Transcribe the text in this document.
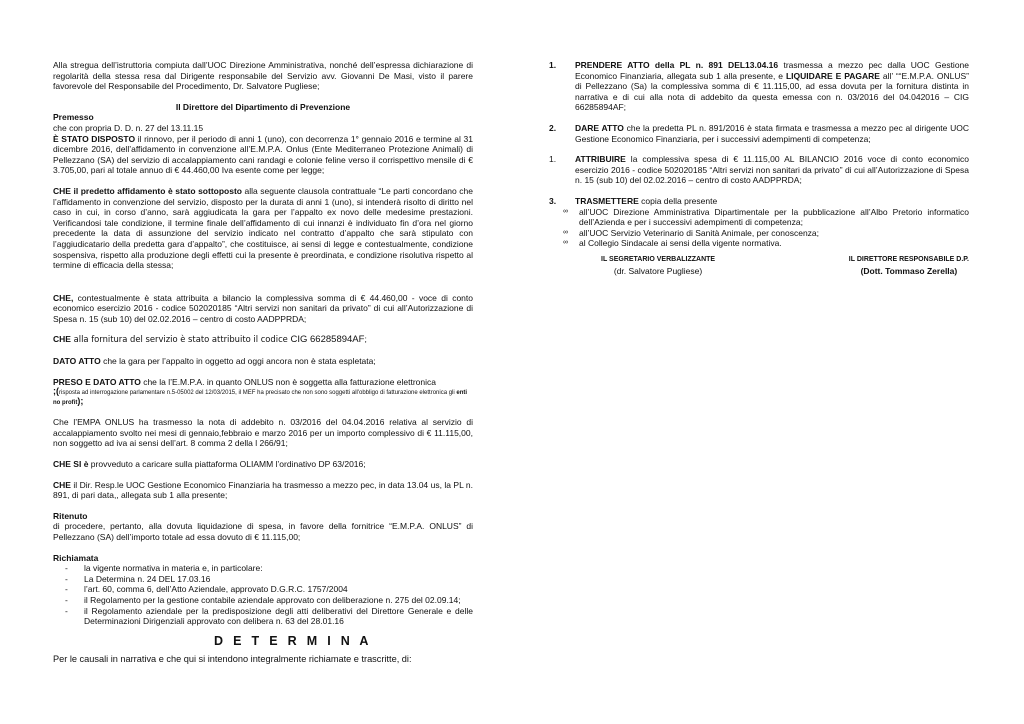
Alla stregua dell’istruttoria compiuta dall’UOC Direzione Amministrativa, nonché dell’espressa dichiarazione di regolarità della stessa resa dal Dirigente responsabile del Servizio avv. Giovanni De Masi, visto il parere favorevole del Responsabile del Procedimento, Dr. Salvatore Pugliese;

Il Direttore del Dipartimento di Prevenzione

Premesso

che con propria D. D. n. 27 del 13.11.15

È STATO DISPOSTO il rinnovo, per il periodo di anni 1 (uno), con decorrenza 1° gennaio 2016 e termine al 31 dicembre 2016, dell’affidamento in convenzione all’E.M.P.A. Onlus (Ente Mediterraneo Protezione Animali) di Pellezzano (SA) del servizio di accalappiamento cani randagi e colonie feline verso il corrispettivo mensile di € 3.705,00, pari al totale annuo di € 44.460,00 Iva esente come per legge;

CHE il predetto affidamento è stato sottoposto alla seguente clausola contrattuale “Le parti concordano che l’affidamento in convenzione del servizio, disposto per la durata di anni 1 (uno), si intenderà risolto di diritto nel caso in cui, in corso d’anno, sarà aggiudicata la gara per l’appalto ex novo delle medesime prestazioni. Verificandosi tale condizione, il termine finale dell’affidamento di cui innanzi è individuato fin d’ora nel giorno precedente la data di assunzione del servizio indicato nel contratto d’appalto che sarà stipulato con l’aggiudicatario della predetta gara d’appalto”, che costituisce, ai sensi di legge e contestualmente, condizione sospensiva, rispetto alla produzione degli effetti cui la presente è preordinata, e condizione risolutiva rispetto al termine di efficacia della stessa;

CHE, contestualmente è stata attribuita a bilancio la complessiva somma di € 44.460,00 - voce di conto economico esercizio 2016 - codice 502020185 “Altri servizi non sanitari da privato” di cui all’Autorizzazione di Spesa n. 15 (sub 10) del 02.02.2016 – centro di costo AADPPRDA;

CHE alla fornitura del servizio è stato attribuito il codice CIG 66285894AF;

DATO ATTO che la gara per l’appalto in oggetto ad oggi ancora non è stata espletata;

PRESO E DATO ATTO che la l’E.M.P.A. in quanto ONLUS non è soggetta alla fatturazione elettronica

;(risposta ad interrogazione parlamentare n.5-05002 del 12/03/2015, il MEF ha precisato che non sono soggetti all'obbligo di fatturazione elettronica gli enti no profit);

Che l’EMPA ONLUS ha trasmesso la nota di addebito n. 03/2016 del 04.04.2016 relativa al servizio di accalappiamento svolto nei mesi di gennaio,febbraio e marzo 2016 per un importo complessivo di € 11.115,00, non soggetto ad iva ai sensi dell’art. 8 comma 2 della l 266/91;

CHE SI è provveduto a caricare sulla piattaforma OLIAMM l’ordinativo DP 63/2016;

CHE il Dir. Resp.le UOC Gestione Economico Finanziaria ha trasmesso a mezzo pec, in data 13.04 us, la PL n. 891, di pari data,, allegata sub 1 alla presente;

Ritenuto

di procedere, pertanto, alla dovuta liquidazione di spesa, in favore della fornitrice “E.M.P.A. ONLUS” di Pellezzano (SA) dell’importo totale ad essa dovuto di € 11.115,00;

Richiamata

- la vigente normativa in materia e, in particolare:
- La Determina n. 24 DEL 17.03.16
- l’art. 60, comma 6, dell’Atto Aziendale, approvato D.G.R.C. 1757/2004
- il Regolamento per la gestione contabile aziendale approvato con deliberazione n. 275 del 02.09.14;
- il Regolamento aziendale per la predisposizione degli atti deliberativi del Direttore Generale e delle Determinazioni Dirigenziali approvato con delibera n. 63 del 28.01.16

D E T E R M I N A

Per le causali in narrativa e che qui si intendono integralmente richiamate e trascritte, di:

1.	PRENDERE ATTO della PL n. 891 DEL13.04.16 trasmessa a mezzo pec dalla UOC Gestione Economico Finanziaria, allegata sub 1 alla presente, e LIQUIDARE E PAGARE all’ ““E.M.P.A. ONLUS” di Pellezzano (Sa) la complessiva somma di € 11.115,00, ad essa dovuta per la fornitura distinta in narrativa e di cui alla nota di addebito da questa emessa con n. 03/2016 del 04.042016 – CIG 66285894AF;
2.	DARE ATTO che la predetta PL n. 891/2016 è stata firmata e trasmessa a mezzo pec al dirigente UOC Gestione Economico Finanziaria, per i successivi adempimenti di competenza;
1.	ATTRIBUIRE la complessiva spesa di € 11.115,00 AL BILANCIO 2016 voce di conto economico esercizio 2016 - codice 502020185 “Altri servizi non sanitari da privato” di cui all’Autorizzazione di Spesa n. 15 (sub 10) del 02.02.2016 – centro di costo AADPPRDA;
3.	TRASMETTERE copia della presente
∞ all’UOC Direzione Amministrativa Dipartimentale per la pubblicazione all’Albo Pretorio informatico dell’Azienda e per i successivi adempimenti di competenza;
∞ all’UOC Servizio Veterinario di Sanità Animale, per conoscenza;
∞ al Collegio Sindacale ai sensi della vigente normativa.
IL SEGRETARIO VERBALIZZANTE
(dr. Salvatore Pugliese)
IL DIRETTORE RESPONSABILE D.P.
(Dott. Tommaso Zerella)
